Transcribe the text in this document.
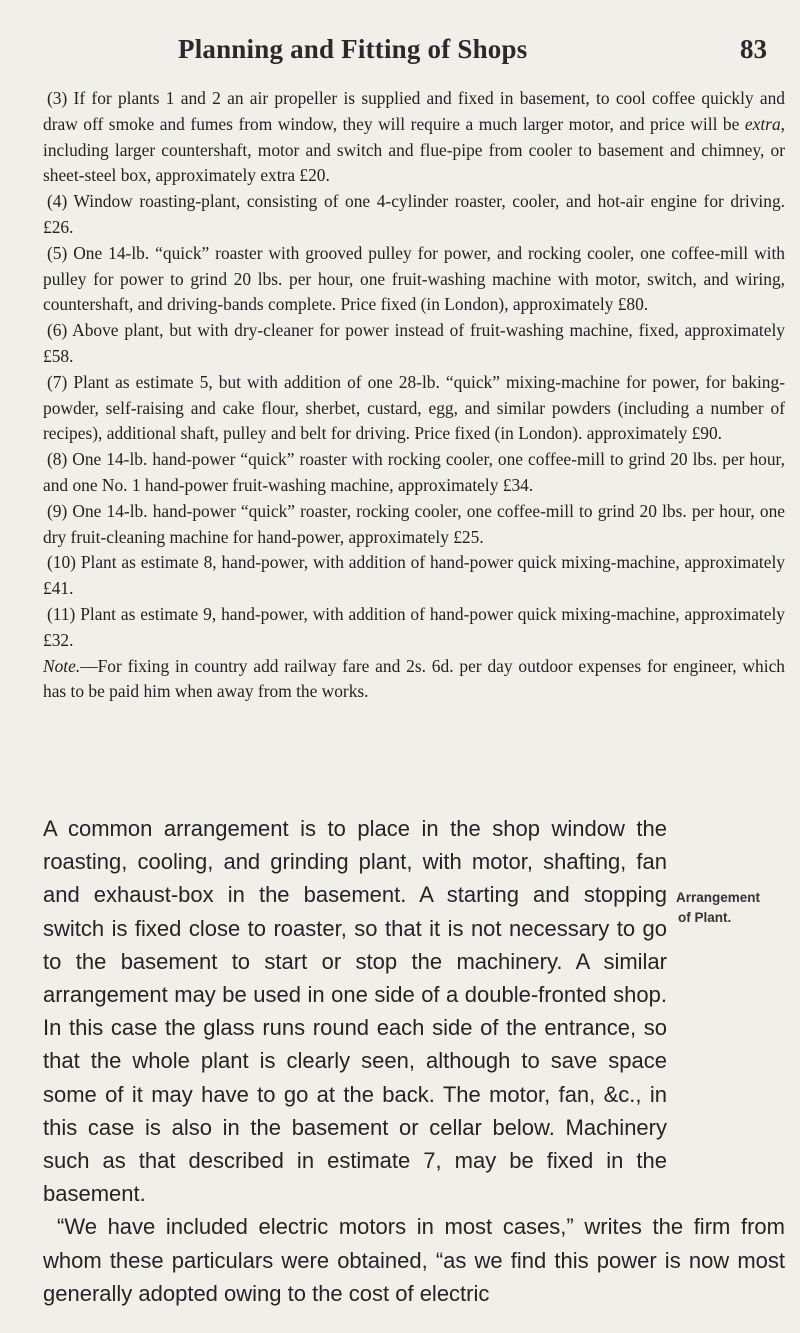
Planning and Fitting of Shops	83

(3) If for plants 1 and 2 an air propeller is supplied and fixed in basement, to cool coffee quickly and draw off smoke and fumes from window, they will require a much larger motor, and price will be extra, including larger countershaft, motor and switch and flue-pipe from cooler to basement and chimney, or sheet-steel box, approximately extra £20.

(4) Window roasting-plant, consisting of one 4-cylinder roaster, cooler, and hot-air engine for driving. £26.

(5) One 14-lb. “quick” roaster with grooved pulley for power, and rocking cooler, one coffee-mill with pulley for power to grind 20 lbs. per hour, one fruit-washing machine with motor, switch, and wiring, countershaft, and driving-bands complete. Price fixed (in London), approximately £80.

(6) Above plant, but with dry-cleaner for power instead of fruit-washing machine, fixed, approximately £58.

(7) Plant as estimate 5, but with addition of one 28-lb. “quick” mixing-machine for power, for baking-powder, self-raising and cake flour, sherbet, custard, egg, and similar powders (including a number of recipes), additional shaft, pulley and belt for driving. Price fixed (in London). approximately £90.

(8) One 14-lb. hand-power “quick” roaster with rocking cooler, one coffee-mill to grind 20 lbs. per hour, and one No. 1 hand-power fruit-washing machine, approximately £34.

(9) One 14-lb. hand-power “quick” roaster, rocking cooler, one coffee-mill to grind 20 lbs. per hour, one dry fruit-cleaning machine for hand-power, approximately £25.

(10) Plant as estimate 8, hand-power, with addition of hand-power quick mixing-machine, approximately £41.

(11) Plant as estimate 9, hand-power, with addition of hand-power quick mixing-machine, approximately £32.

Note.—For fixing in country add railway fare and 2s. 6d. per day outdoor expenses for engineer, which has to be paid him when away from the works.

A common arrangement is to place in the shop window the roasting, cooling, and grinding plant, with motor, shafting, fan and exhaust-box in the basement. A starting and stopping switch is fixed close to roaster, so that it is not necessary to go to the basement to start or stop the machinery. A similar arrangement may be used in one side of a double-fronted shop. In this case the glass runs round each side of the entrance, so that the whole plant is clearly seen, although to save space some of it may have to go at the back. The motor, fan, &c., in this case is also in the basement or cellar below. Machinery such as that described in estimate 7, may be fixed in the basement.

“We have included electric motors in most cases,” writes the firm from whom these particulars were obtained, “as we find this power is now most generally adopted owing to the cost of electric

Arrangement
of Plant.
